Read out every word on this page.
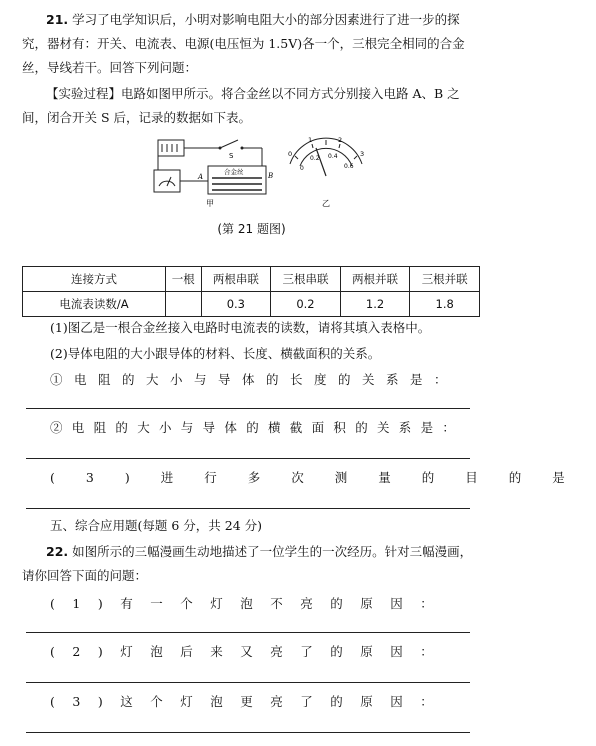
21. 学习了电学知识后，小明对影响电阻大小的部分因素进行了进一步的探
究，器材有：开关、电流表、电源(电压恒为 1.5V)各一个，三根完全相同的合金
丝，导线若干。回答下列问题：
【实验过程】电路如图甲所示。将合金丝以不同方式分别接入电路 A、B 之
间，闭合开关 S 后，记录的数据如下表。
S
合金丝
A	B
甲
0
1	2
3
0
0.2 0.4
0.6
乙
(第 21 题图)
连接方式	一根	两根串联	三根串联	两根并联	三根并联
电流表读数/A		0.3	0.2	1.2	1.8
(1)图乙是一根合金丝接入电路时电流表的读数，请将其填入表格中。
(2)导体电阻的大小跟导体的材料、长度、横截面积的关系。
①电阻的大小与导体的长度的关系是：
②电阻的大小与导体的横截面积的关系是：
(3)进行多次测量的目的是
五、综合应用题(每题 6 分，共 24 分)
22. 如图所示的三幅漫画生动地描述了一位学生的一次经历。针对三幅漫画，
请你回答下面的问题：
(1)有一个灯泡不亮的原因：
(2)灯泡后来又亮了的原因：
(3)这个灯泡更亮了的原因：
